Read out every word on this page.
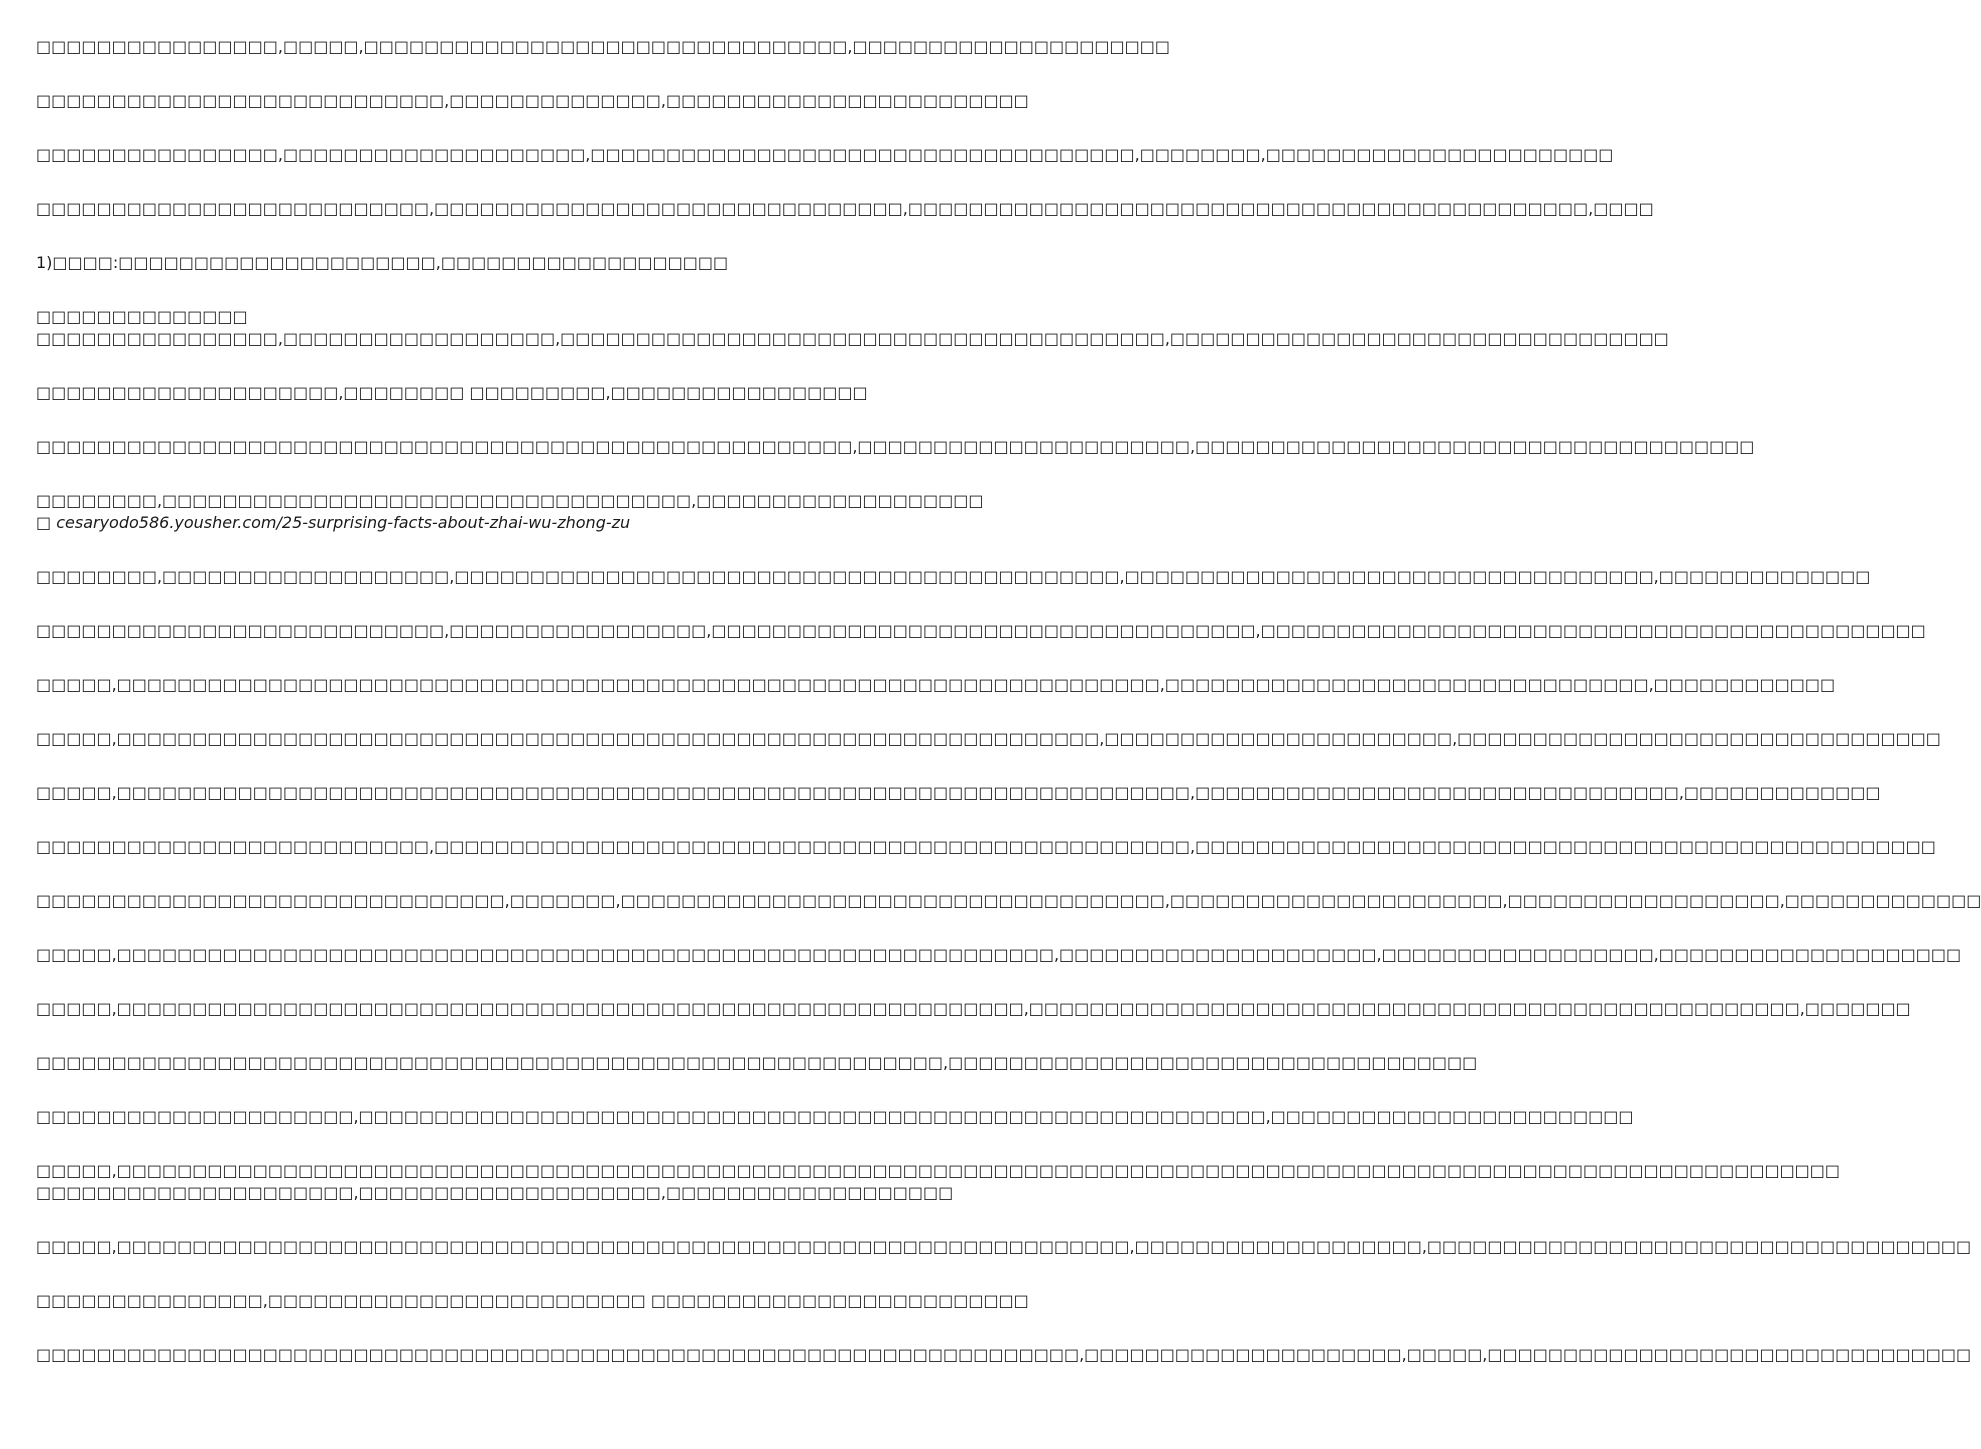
□□□□□□□□□□□□□□□□,□□□□□,□□□□□□□□□□□□□□□□□□□□□□□□□□□□□□□□,□□□□□□□□□□□□□□□□□□□□□

□□□□□□□□□□□□□□□□□□□□□□□□□□□,□□□□□□□□□□□□□□,□□□□□□□□□□□□□□□□□□□□□□□□

□□□□□□□□□□□□□□□□,□□□□□□□□□□□□□□□□□□□□,□□□□□□□□□□□□□□□□□□□□□□□□□□□□□□□□□□□□,□□□□□□□□,□□□□□□□□□□□□□□□□□□□□□□□

□□□□□□□□□□□□□□□□□□□□□□□□□□,□□□□□□□□□□□□□□□□□□□□□□□□□□□□□□□,□□□□□□□□□□□□□□□□□□□□□□□□□□□□□□□□□□□□□□□□□□□□□,□□□□

1)□□□□:□□□□□□□□□□□□□□□□□□□□□,□□□□□□□□□□□□□□□□□□□

□□□□□□□□□□□□□□
□□□□□□□□□□□□□□□□,□□□□□□□□□□□□□□□□□□,□□□□□□□□□□□□□□□□□□□□□□□□□□□□□□□□□□□□□□□□,□□□□□□□□□□□□□□□□□□□□□□□□□□□□□□□□□

□□□□□□□□□□□□□□□□□□□□,□□□□□□□□ □□□□□□□□□,□□□□□□□□□□□□□□□□□

□□□□□□□□□□□□□□□□□□□□□□□□□□□□□□□□□□□□□□□□□□□□□□□□□□□□□□,□□□□□□□□□□□□□□□□□□□□□□,□□□□□□□□□□□□□□□□□□□□□□□□□□□□□□□□□□□□□

□□□□□□□□,□□□□□□□□□□□□□□□□□□□□□□□□□□□□□□□□□□□,□□□□□□□□□□□□□□□□□□□□ cesaryodo586.yousher.com/25-surprising-facts-about-zhai-wu-zhong-zu

□□□□□□□□,□□□□□□□□□□□□□□□□□□□,□□□□□□□□□□□□□□□□□□□□□□□□□□□□□□□□□□□□□□□□□□□□,□□□□□□□□□□□□□□□□□□□□□□□□□□□□□□□□□□□,□□□□□□□□□□□□□□

□□□□□□□□□□□□□□□□□□□□□□□□□□□,□□□□□□□□□□□□□□□□□,□□□□□□□□□□□□□□□□□□□□□□□□□□□□□□□□□□□□,□□□□□□□□□□□□□□□□□□□□□□□□□□□□□□□□□□□□□□□□□□□□

□□□□□,□□□□□□□□□□□□□□□□□□□□□□□□□□□□□□□□□□□□□□□□□□□□□□□□□□□□□□□□□□□□□□□□□□□□□,□□□□□□□□□□□□□□□□□□□□□□□□□□□□□□□□,□□□□□□□□□□□□

□□□□□,□□□□□□□□□□□□□□□□□□□□□□□□□□□□□□□□□□□□□□□□□□□□□□□□□□□□□□□□□□□□□□□□□,□□□□□□□□□□□□□□□□□□□□□□□,□□□□□□□□□□□□□□□□□□□□□□□□□□□□□□□□

□□□□□,□□□□□□□□□□□□□□□□□□□□□□□□□□□□□□□□□□□□□□□□□□□□□□□□□□□□□□□□□□□□□□□□□□□□□□□,□□□□□□□□□□□□□□□□□□□□□□□□□□□□□□□□,□□□□□□□□□□□□□

□□□□□□□□□□□□□□□□□□□□□□□□□□,□□□□□□□□□□□□□□□□□□□□□□□□□□□□□□□□□□□□□□□□□□□□□□□□□□,□□□□□□□□□□□□□□□□□□□□□□□□□□□□□□□□□□□□□□□□□□□□□□□□□

□□□□□□□□□□□□□□□□□□□□□□□□□□□□□□□,□□□□□□□,□□□□□□□□□□□□□□□□□□□□□□□□□□□□□□□□□□□□,□□□□□□□□□□□□□□□□□□□□□□,□□□□□□□□□□□□□□□□□□,□□□□□□□□□□□□□

□□□□□,□□□□□□□□□□□□□□□□□□□□□□□□□□□□□□□□□□□□□□□□□□□□□□□□□□□□□□□□□□□□□□,□□□□□□□□□□□□□□□□□□□□□,□□□□□□□□□□□□□□□□□□,□□□□□□□□□□□□□□□□□□□□

□□□□□,□□□□□□□□□□□□□□□□□□□□□□□□□□□□□□□□□□□□□□□□□□□□□□□□□□□□□□□□□□□□,□□□□□□□□□□□□□□□□□□□□□□□□□□□□□□□□□□□□□□□□□□□□□□□□□□□,□□□□□□□

□□□□□□□□□□□□□□□□□□□□□□□□□□□□□□□□□□□□□□□□□□□□□□□□□□□□□□□□□□□□,□□□□□□□□□□□□□□□□□□□□□□□□□□□□□□□□□□□

□□□□□□□□□□□□□□□□□□□□□,□□□□□□□□□□□□□□□□□□□□□□□□□□□□□□□□□□□□□□□□□□□□□□□□□□□□□□□□□□□□,□□□□□□□□□□□□□□□□□□□□□□□□

□□□□□,□□□□□□□□□□□□□□□□□□□□□□□□□□□□□□□□□□□□□□□□□□□□□□□□□□□□□□□□□□□□□□□□□□□□□□□□□□□□□□□□□□□□□□□□□□□□□□□□□□□□□□□□□□□□□□□□□□
□□□□□□□□□□□□□□□□□□□□□,□□□□□□□□□□□□□□□□□□□□,□□□□□□□□□□□□□□□□□□□

□□□□□,□□□□□□□□□□□□□□□□□□□□□□□□□□□□□□□□□□□□□□□□□□□□□□□□□□□□□□□□□□□□□□□□□□□,□□□□□□□□□□□□□□□□□□□,□□□□□□□□□□□□□□□□□□□□□□□□□□□□□□□□□□□□

□□□□□□□□□□□□□□□,□□□□□□□□□□□□□□□□□□□□□□□□□ □□□□□□□□□□□□□□□□□□□□□□□□□

□□□□□□□□□□□□□□□□□□□□□□□□□□□□□□□□□□□□□□□□□□□□□□□□□□□□□□□□□□□□□□□□□□□□□,□□□□□□□□□□□□□□□□□□□□□,□□□□□,□□□□□□□□□□□□□□□□□□□□□□□□□□□□□□□□
